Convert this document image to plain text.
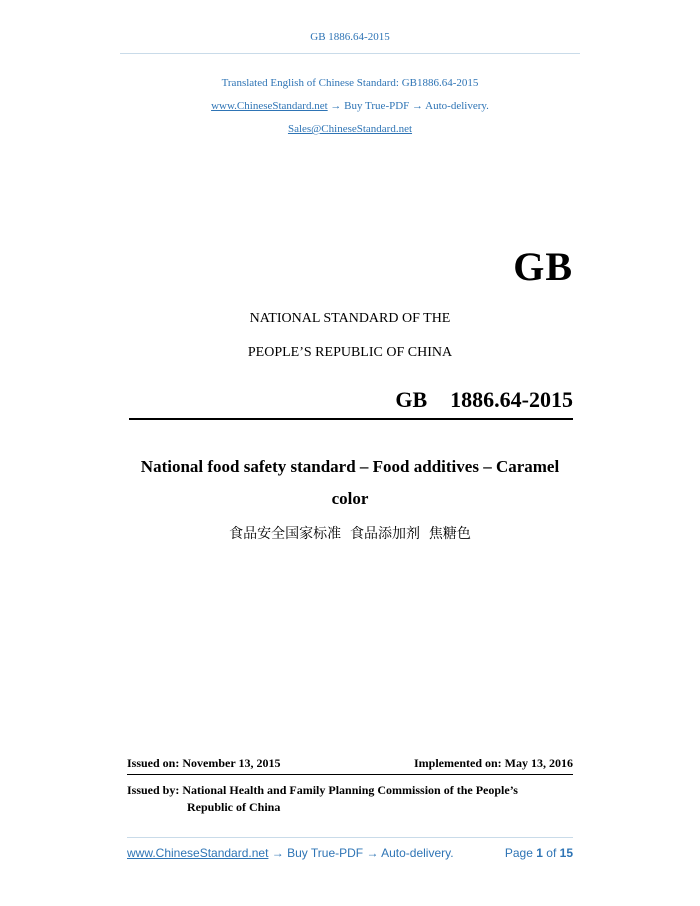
GB 1886.64-2015
Translated English of Chinese Standard: GB1886.64-2015
www.ChineseStandard.net → Buy True-PDF → Auto-delivery.
Sales@ChineseStandard.net
GB
NATIONAL STANDARD OF THE
PEOPLE’S REPUBLIC OF CHINA
GB  1886.64-2015
National food safety standard – Food additives – Caramel
color
食品安全国家标准  食品添加剂  焦糖色
Issued on: November 13, 2015	Implemented on: May 13, 2016
Issued by: National Health and Family Planning Commission of the People’s
Republic of China
www.ChineseStandard.net → Buy True-PDF → Auto-delivery.	Page 1 of 15
